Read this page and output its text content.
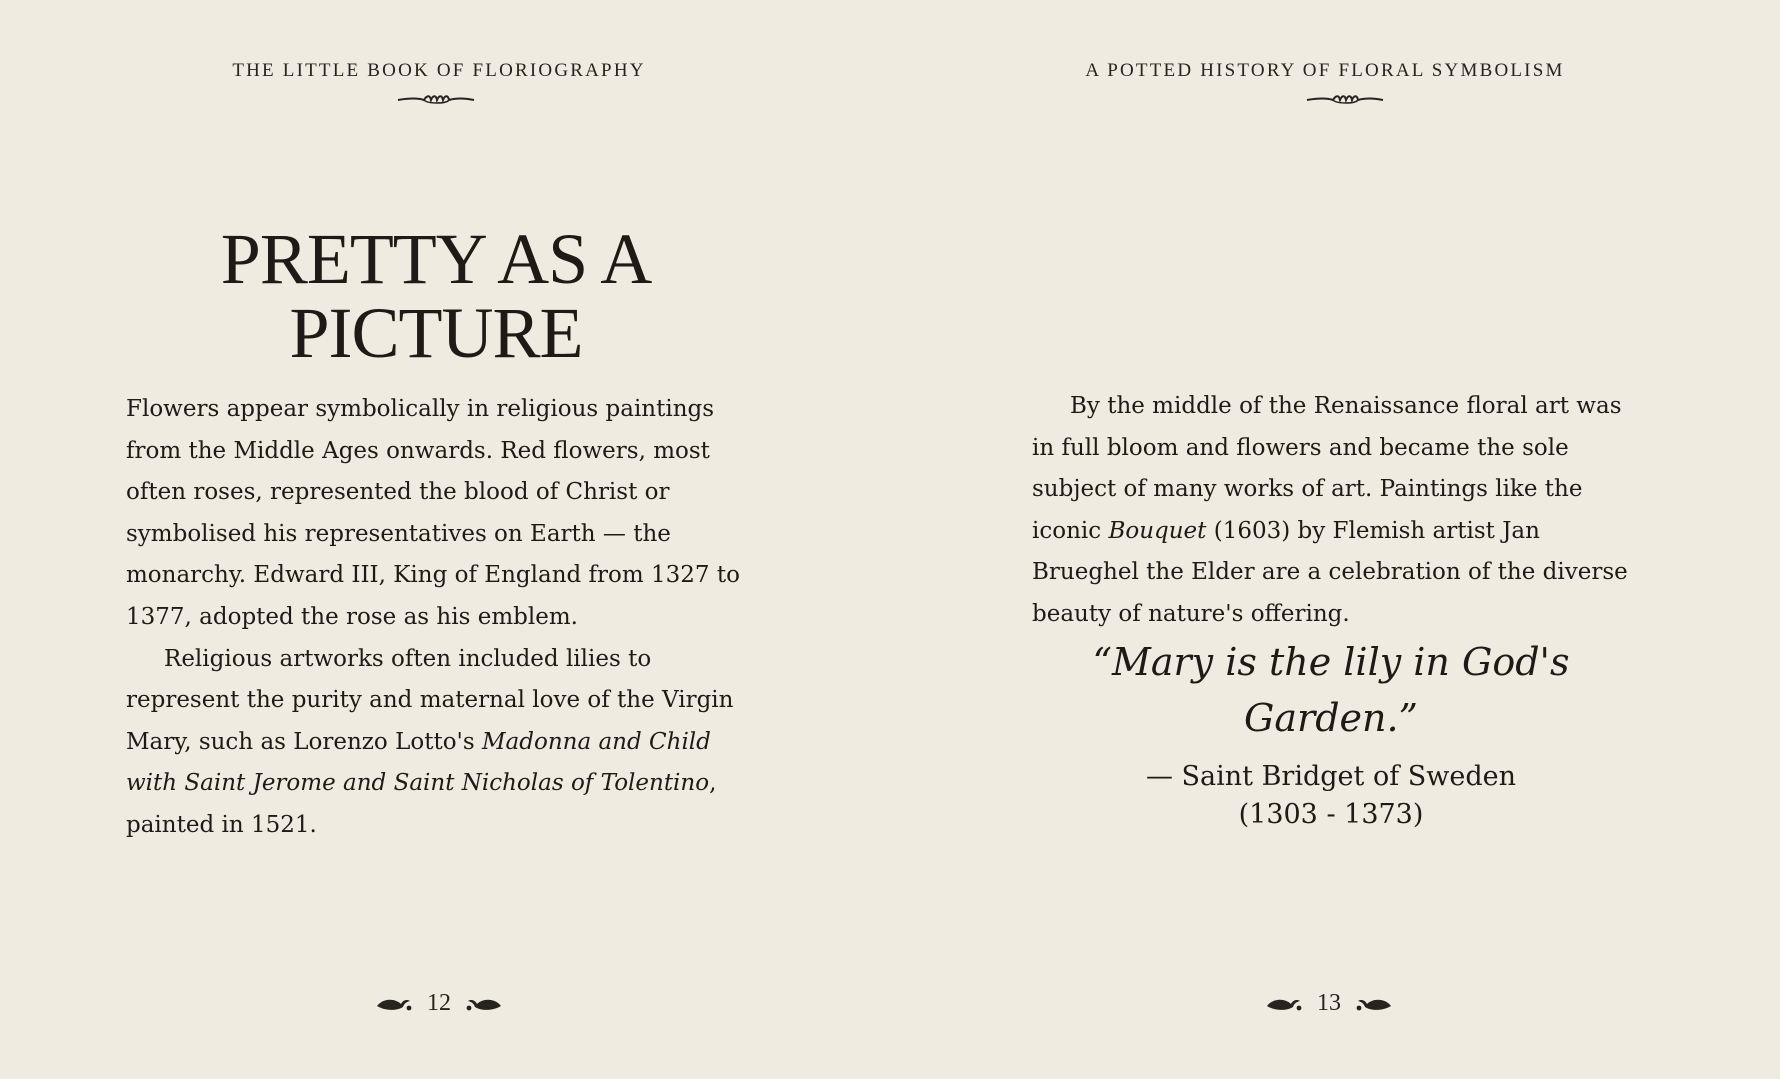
THE LITTLE BOOK OF FLORIOGRAPHY
PRETTY AS A
PICTURE

Flowers appear symbolically in religious paintings from the Middle Ages onwards. Red flowers, most often roses, represented the blood of Christ or symbolised his representatives on Earth — the monarchy. Edward III, King of England from 1327 to 1377, adopted the rose as his emblem.

Religious artworks often included lilies to represent the purity and maternal love of the Virgin Mary, such as Lorenzo Lotto's Madonna and Child with Saint Jerome and Saint Nicholas of Tolentino, painted in 1521.

12
A POTTED HISTORY OF FLORAL SYMBOLISM

By the middle of the Renaissance floral art was in full bloom and flowers and became the sole subject of many works of art. Paintings like the iconic Bouquet (1603) by Flemish artist Jan Brueghel the Elder are a celebration of the diverse beauty of nature's offering.

“Mary is the lily in God's Garden.”
— Saint Bridget of Sweden
(1303 - 1373)
13
